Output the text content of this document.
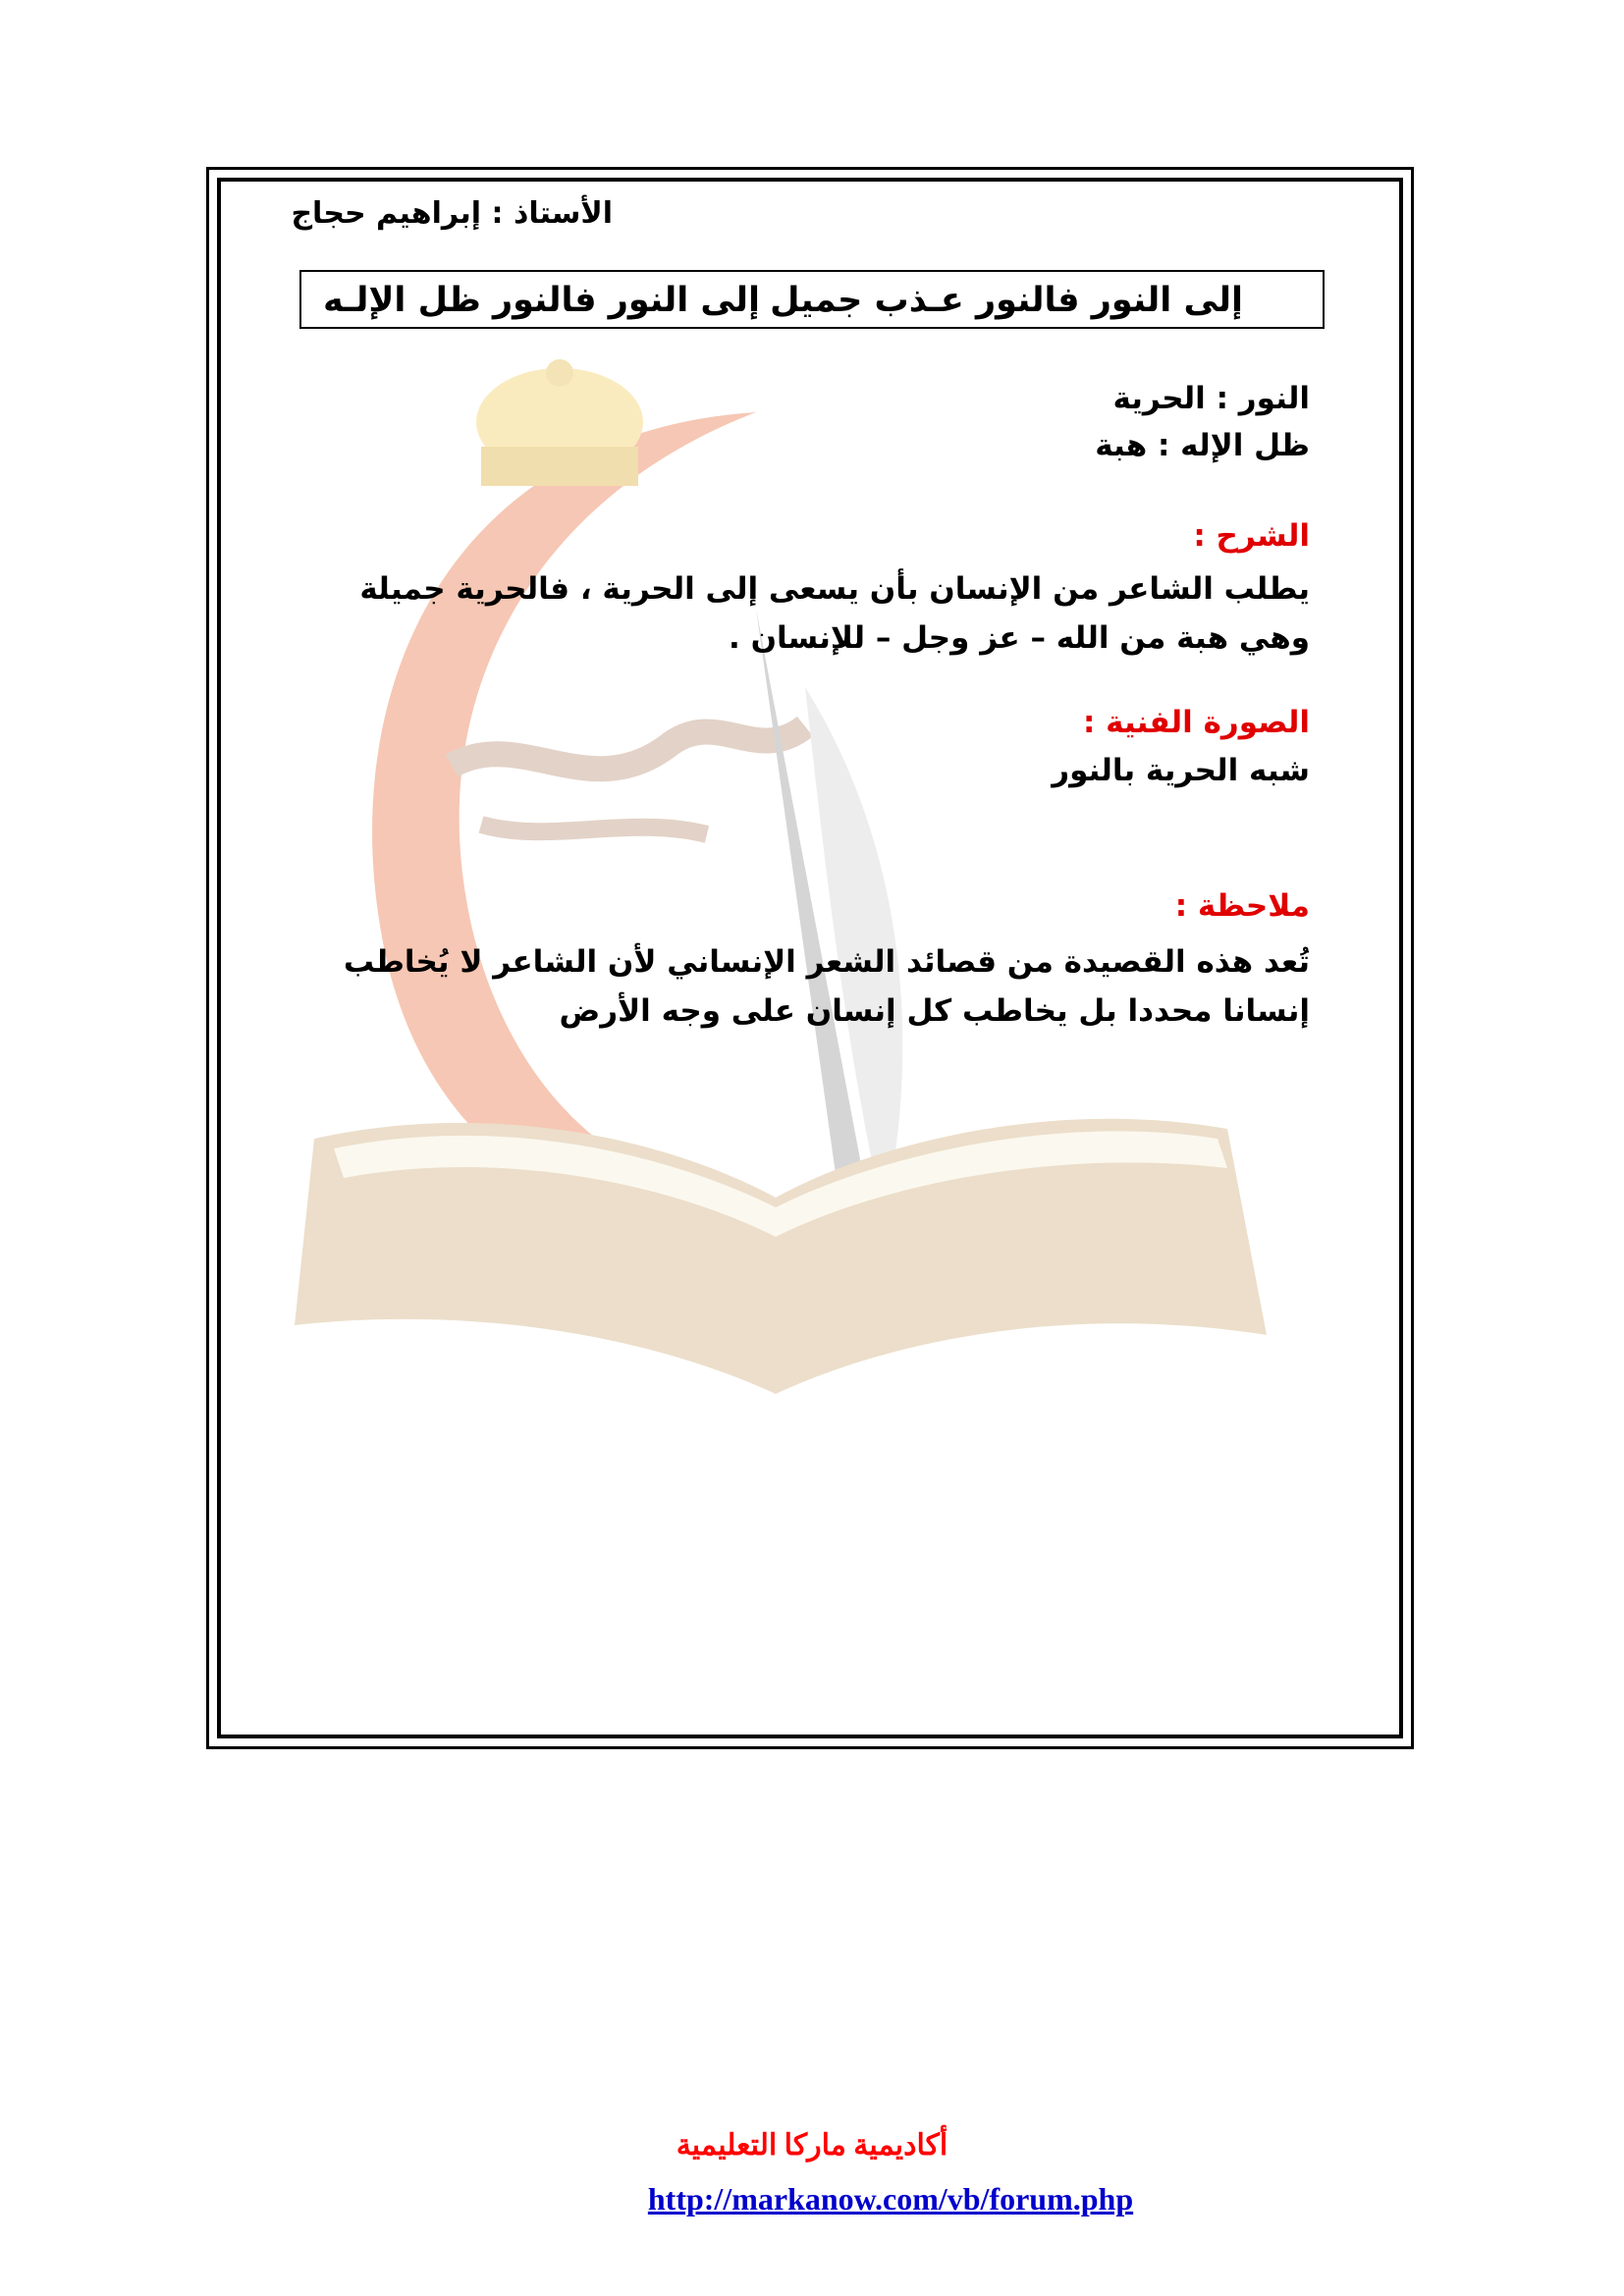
الأستاذ : إبراهيم حجاج
إلى النور فالنور عـذب جميل
إلى النور فالنور ظل الإلـه
النور : الحرية
ظل الإله : هبة
الشرح :
يطلب الشاعر من الإنسان بأن يسعى إلى الحرية ، فالحرية جميلة وهي هبة من الله – عز وجل – للإنسان .
الصورة الفنية :
شبه الحرية بالنور
ملاحظة :
تُعد هذه القصيدة من قصائد الشعر الإنساني لأن الشاعر لا يُخاطب إنسانا محددا بل يخاطب كل إنسان على وجه الأرض
أكاديمية ماركا التعليمية
http://markanow.com/vb/forum.php
